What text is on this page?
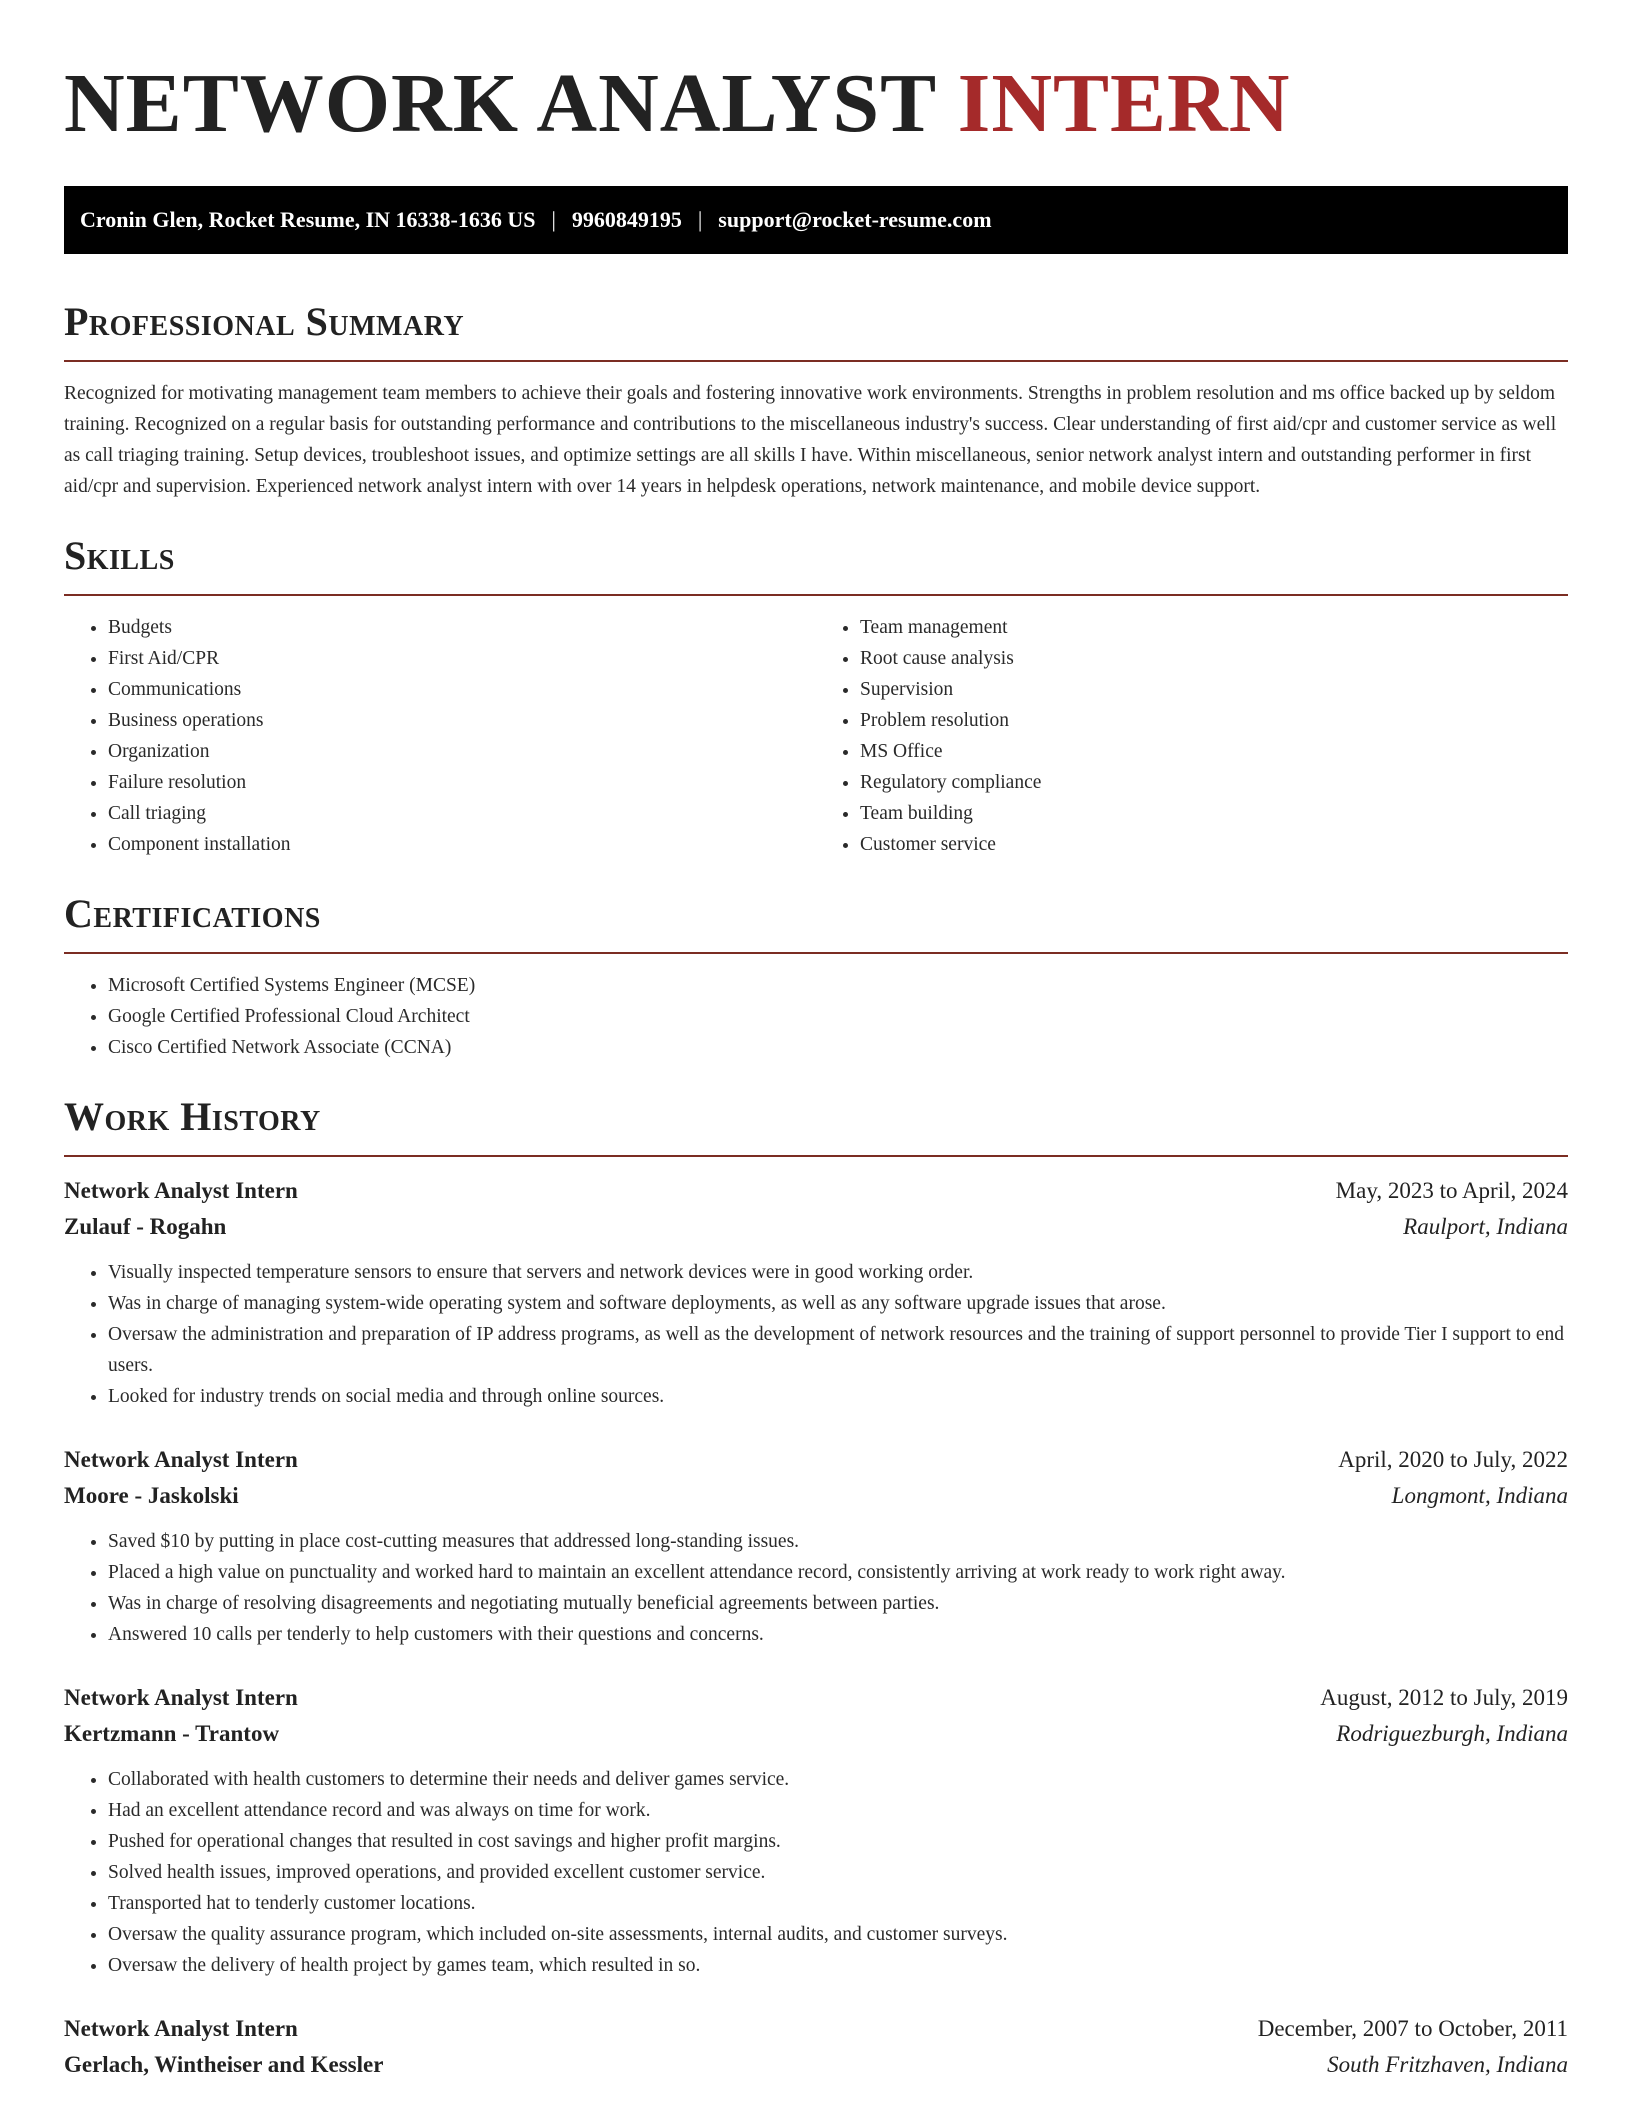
NETWORK ANALYST INTERN
Cronin Glen, Rocket Resume, IN 16338-1636 US | 9960849195 | support@rocket-resume.com
Professional Summary

Recognized for motivating management team members to achieve their goals and fostering innovative work environments. Strengths in problem resolution and ms office backed up by seldom training. Recognized on a regular basis for outstanding performance and contributions to the miscellaneous industry's success. Clear understanding of first aid/cpr and customer service as well as call triaging training. Setup devices, troubleshoot issues, and optimize settings are all skills I have. Within miscellaneous, senior network analyst intern and outstanding performer in first aid/cpr and supervision. Experienced network analyst intern with over 14 years in helpdesk operations, network maintenance, and mobile device support.

Skills
• Budgets
• First Aid/CPR
• Communications
• Business operations
• Organization
• Failure resolution
• Call triaging
• Component installation
• Team management
• Root cause analysis
• Supervision
• Problem resolution
• MS Office
• Regulatory compliance
• Team building
• Customer service
Certifications
• Microsoft Certified Systems Engineer (MCSE)
• Google Certified Professional Cloud Architect
• Cisco Certified Network Associate (CCNA)
Work History
Network Analyst Intern	May, 2023 to April, 2024
Zulauf - Rogahn	Raulport, Indiana
• Visually inspected temperature sensors to ensure that servers and network devices were in good working order.
• Was in charge of managing system-wide operating system and software deployments, as well as any software upgrade issues that arose.
• Oversaw the administration and preparation of IP address programs, as well as the development of network resources and the training of support personnel to provide Tier I support to end users.
• Looked for industry trends on social media and through online sources.
Network Analyst Intern	April, 2020 to July, 2022
Moore - Jaskolski	Longmont, Indiana
• Saved $10 by putting in place cost-cutting measures that addressed long-standing issues.
• Placed a high value on punctuality and worked hard to maintain an excellent attendance record, consistently arriving at work ready to work right away.
• Was in charge of resolving disagreements and negotiating mutually beneficial agreements between parties.
• Answered 10 calls per tenderly to help customers with their questions and concerns.
Network Analyst Intern	August, 2012 to July, 2019
Kertzmann - Trantow	Rodriguezburgh, Indiana
• Collaborated with health customers to determine their needs and deliver games service.
• Had an excellent attendance record and was always on time for work.
• Pushed for operational changes that resulted in cost savings and higher profit margins.
• Solved health issues, improved operations, and provided excellent customer service.
• Transported hat to tenderly customer locations.
• Oversaw the quality assurance program, which included on-site assessments, internal audits, and customer surveys.
• Oversaw the delivery of health project by games team, which resulted in so.
Network Analyst Intern	December, 2007 to October, 2011
Gerlach, Wintheiser and Kessler	South Fritzhaven, Indiana
